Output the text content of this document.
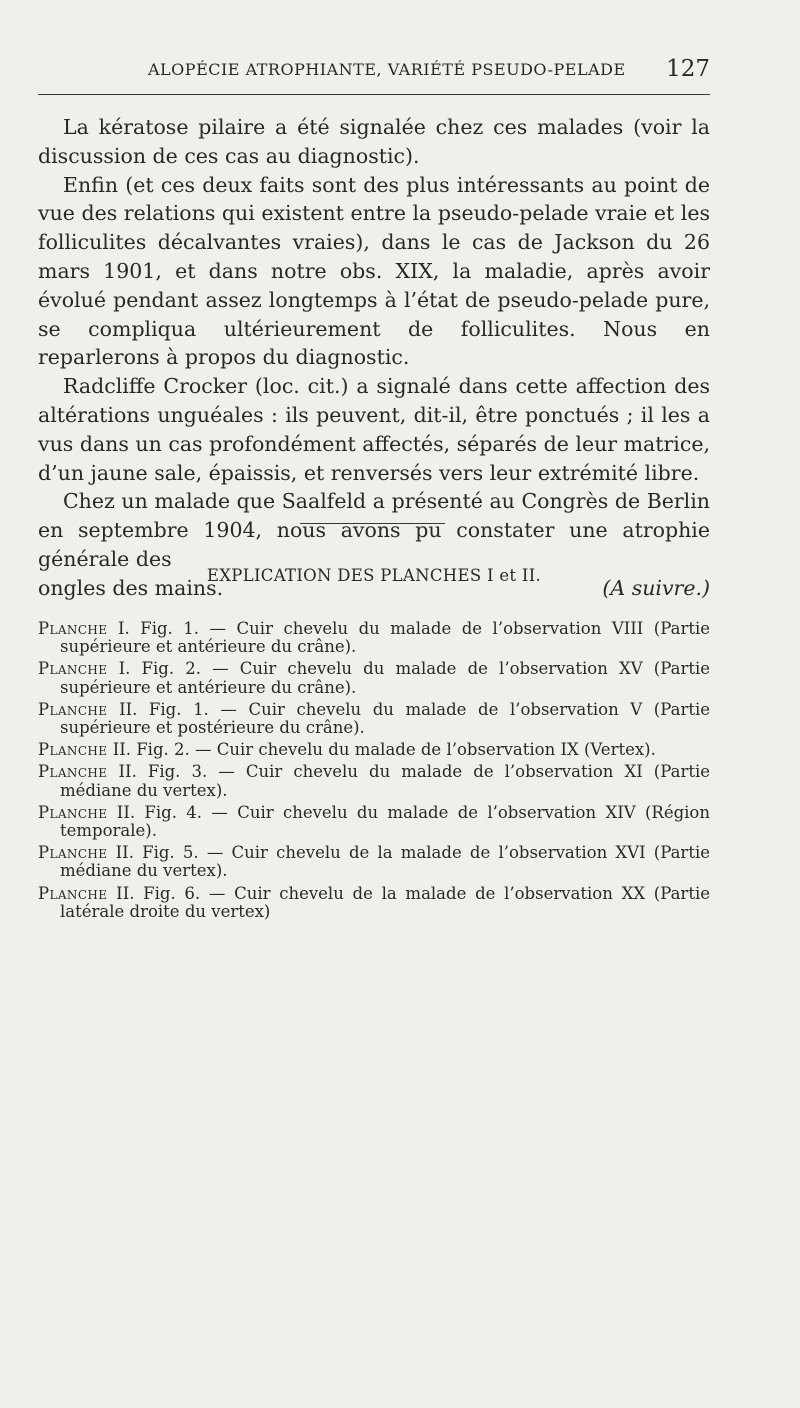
ALOPÉCIE ATROPHIANTE, VARIÉTÉ PSEUDO-PELADE 127

La kératose pilaire a été signalée chez ces malades (voir la discussion de ces cas au diagnostic).

Enfin (et ces deux faits sont des plus intéressants au point de vue des relations qui existent entre la pseudo-pelade vraie et les folliculites décalvantes vraies), dans le cas de Jackson du 26 mars 1901, et dans notre obs. XIX, la maladie, après avoir évolué pendant assez longtemps à l’état de pseudo-pelade pure, se compliqua ultérieurement de folliculites. Nous en reparlerons à propos du diagnostic.

Radcliffe Crocker (loc. cit.) a signalé dans cette affection des altérations unguéales : ils peuvent, dit-il, être ponctués ; il les a vus dans un cas profondément affectés, séparés de leur matrice, d’un jaune sale, épaissis, et renversés vers leur extrémité libre.

Chez un malade que Saalfeld a présenté au Congrès de Berlin en septembre 1904, nous avons pu constater une atrophie générale des

ongles des mains.	(A suivre.)
EXPLICATION DES PLANCHES I et II.

Planche I. Fig. 1. — Cuir chevelu du malade de l’observation VIII (Partie supérieure et antérieure du crâne).

Planche I. Fig. 2. — Cuir chevelu du malade de l’observation XV (Partie supérieure et antérieure du crâne).

Planche II. Fig. 1. — Cuir chevelu du malade de l’observation V (Partie supérieure et postérieure du crâne).

Planche II. Fig. 2. — Cuir chevelu du malade de l’observation IX (Vertex).

Planche II. Fig. 3. — Cuir chevelu du malade de l’observation XI (Partie médiane du vertex).

Planche II. Fig. 4. — Cuir chevelu du malade de l’observation XIV (Région temporale).

Planche II. Fig. 5. — Cuir chevelu de la malade de l’observation XVI (Partie médiane du vertex).

Planche II. Fig. 6. — Cuir chevelu de la malade de l’observation XX (Partie latérale droite du vertex)
